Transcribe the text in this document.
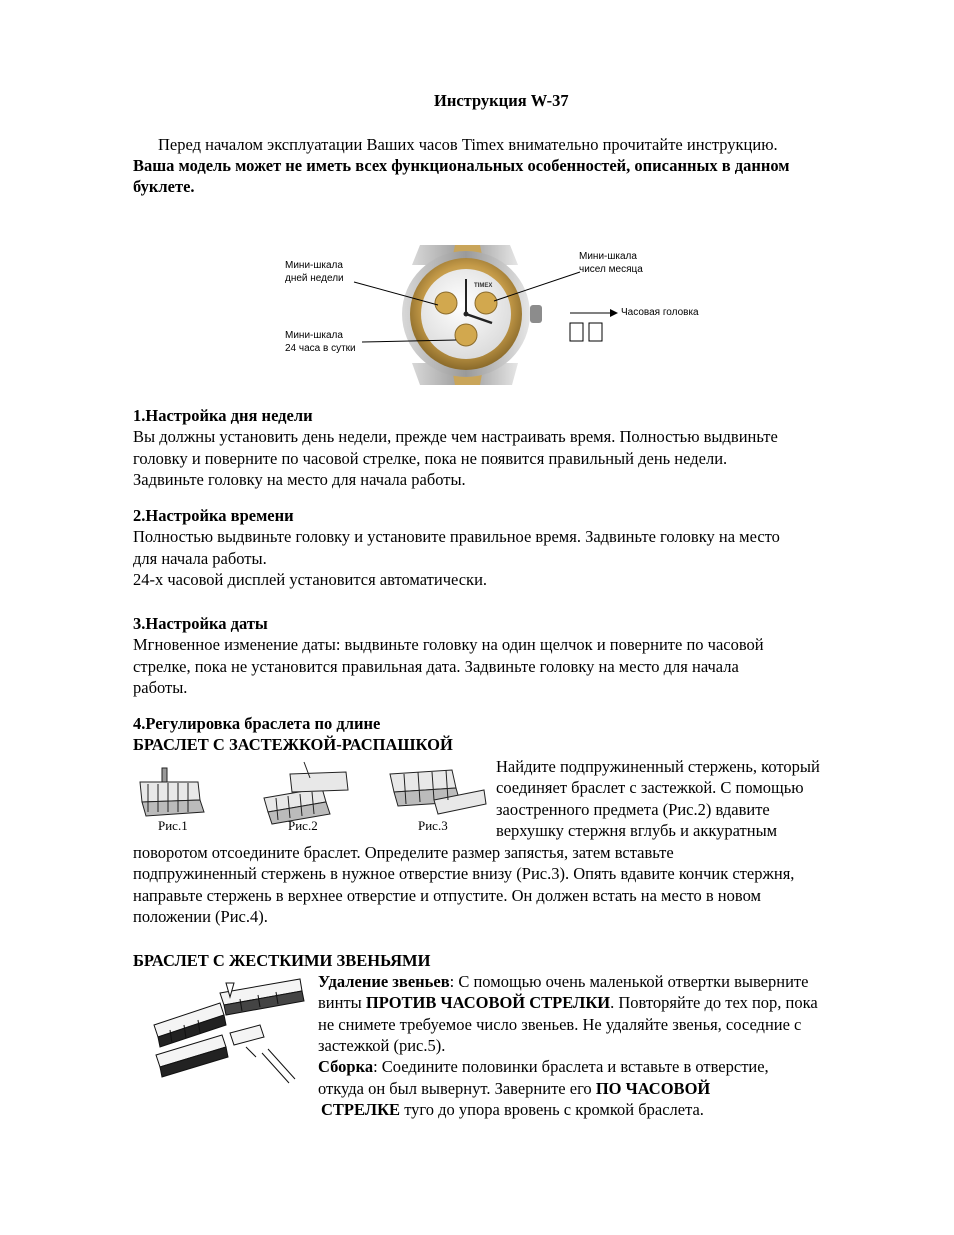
Инструкция W-37
Перед началом эксплуатации Ваших часов Timex внимательно прочитайте инструкцию.
Ваша модель может не иметь всех функциональных особенностей, описанных в данном
буклете.
TIMEX
Мини-шкала
дней недели
Мини-шкала
чисел месяца
Часовая головка
Мини-шкала
24 часа в сутки
1.Настройка дня недели
Вы должны установить день недели, прежде чем настраивать время. Полностью выдвиньте
головку и поверните по часовой стрелке, пока не появится правильный день недели.
Задвиньте головку на место для начала работы.
2.Настройка времени
Полностью выдвиньте головку и установите правильное время. Задвиньте головку на место
для начала работы.
24-х часовой дисплей установится автоматически.
3.Настройка даты
Мгновенное изменение даты: выдвиньте головку на один щелчок и поверните по часовой
стрелке, пока не установится правильная дата. Задвиньте головку на место для начала
работы.
4.Регулировка браслета по длине
БРАСЛЕТ С ЗАСТЕЖКОЙ-РАСПАШКОЙ
Рис.1	Рис.2	Рис.3
Найдите подпружиненный стержень, который
соединяет браслет с застежкой. С помощью
заостренного предмета (Рис.2) вдавите
верхушку стержня вглубь и аккуратным
поворотом отсоедините браслет. Определите размер запястья, затем вставьте
подпружиненный стержень в нужное отверстие внизу (Рис.3). Опять вдавите кончик стержня,
направьте стержень в верхнее отверстие и отпустите. Он должен встать на место в новом
положении (Рис.4).
БРАСЛЕТ С ЖЕСТКИМИ ЗВЕНЬЯМИ
Удаление звеньев: С помощью очень маленькой отвертки выверните
винты ПРОТИВ ЧАСОВОЙ СТРЕЛКИ. Повторяйте до тех пор, пока
не снимете требуемое число звеньев. Не удаляйте звенья, соседние с
застежкой (рис.5).
Сборка: Соедините половинки браслета и вставьте в отверстие,
откуда он был вывернут. Заверните его ПО ЧАСОВОЙ
СТРЕЛКЕ туго до упора вровень с кромкой браслета.
